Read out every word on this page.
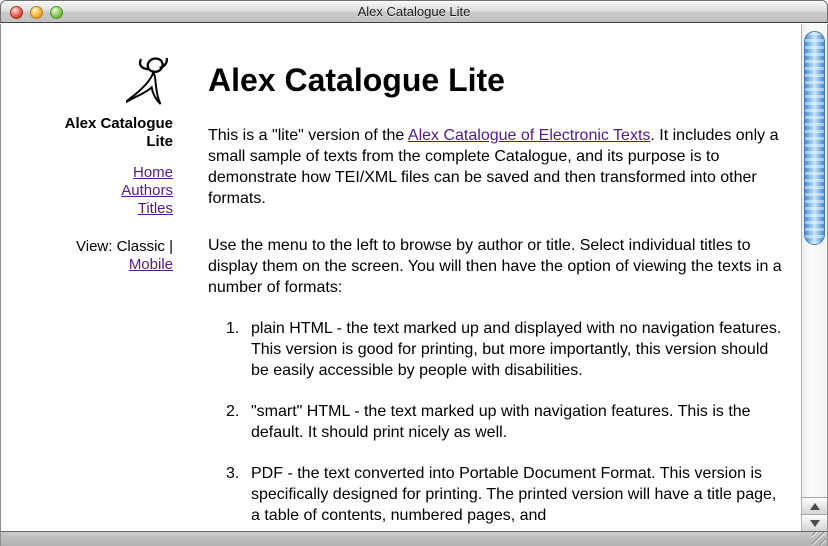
Alex Catalogue Lite
Alex Catalogue Lite
Home
Authors
Titles
View: Classic |
Mobile
Alex Catalogue Lite

This is a "lite" version of the Alex Catalogue of Electronic Texts. It includes only a small sample of texts from the complete Catalogue, and its purpose is to demonstrate how TEI/XML files can be saved and then transformed into other formats.

Use the menu to the left to browse by author or title. Select individual titles to display them on the screen. You will then have the option of viewing the texts in a number of formats:

1. plain HTML - the text marked up and displayed with no navigation features. This version is good for printing, but more importantly, this version should be easily accessible by people with disabilities.
2. "smart" HTML - the text marked up with navigation features. This is the default. It should print nicely as well.
3. PDF - the text converted into Portable Document Format. This version is specifically designed for printing. The printed version will have a title page, a table of contents, numbered pages, and
